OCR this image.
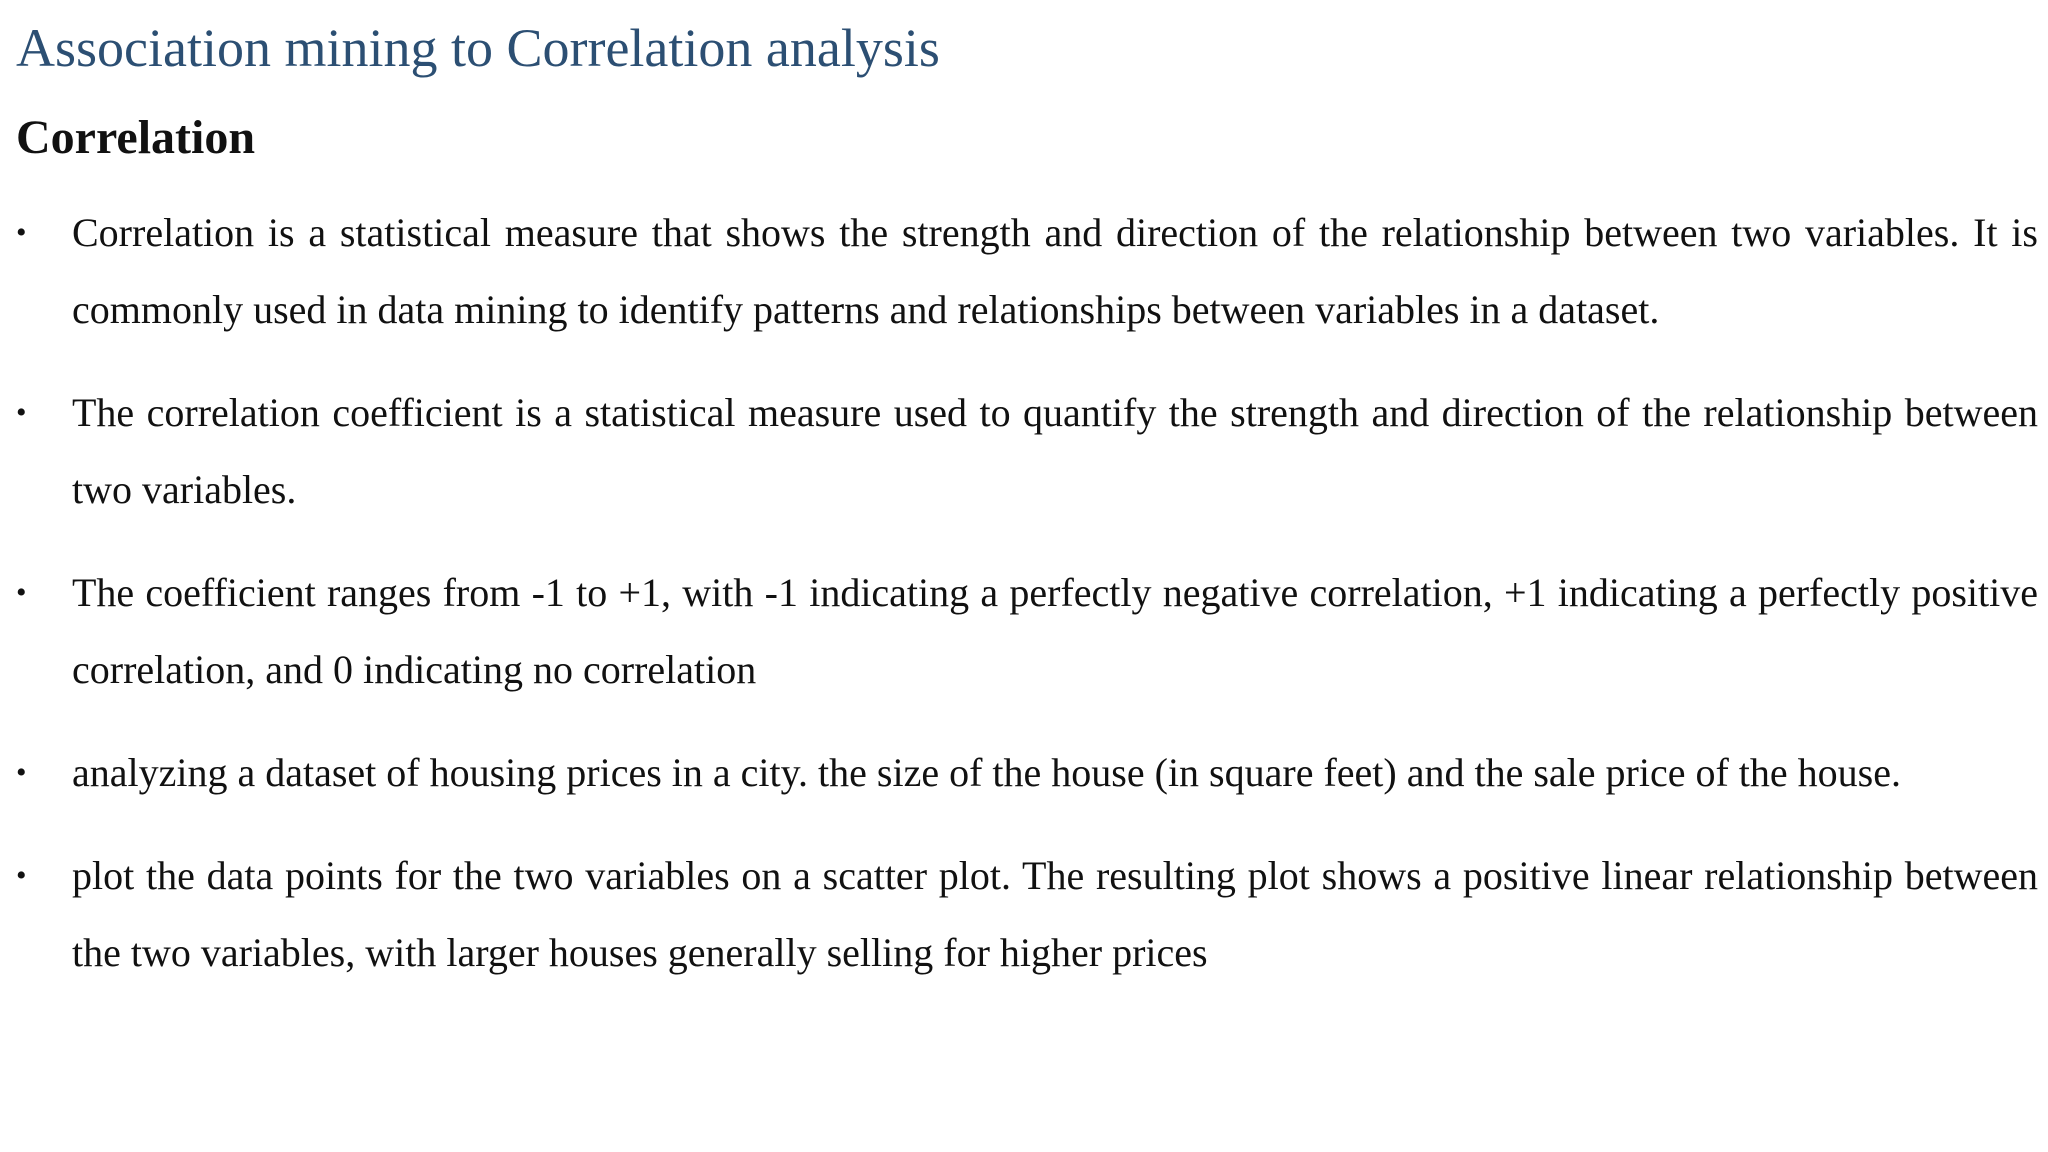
Association mining to Correlation analysis
Correlation
•	Correlation is a statistical measure that shows the strength and direction of the relationship between two variables. It is commonly used in data mining to identify patterns and relationships between variables in a dataset.
•	The correlation coefficient is a statistical measure used to quantify the strength and direction of the relationship between two variables.
•	The coefficient ranges from -1 to +1, with -1 indicating a perfectly negative correlation, +1 indicating a perfectly positive correlation, and 0 indicating no correlation
•	analyzing a dataset of housing prices in a city. the size of the house (in square feet) and the sale price of the house.
•	plot the data points for the two variables on a scatter plot. The resulting plot shows a positive linear relationship between the two variables, with larger houses generally selling for higher prices
